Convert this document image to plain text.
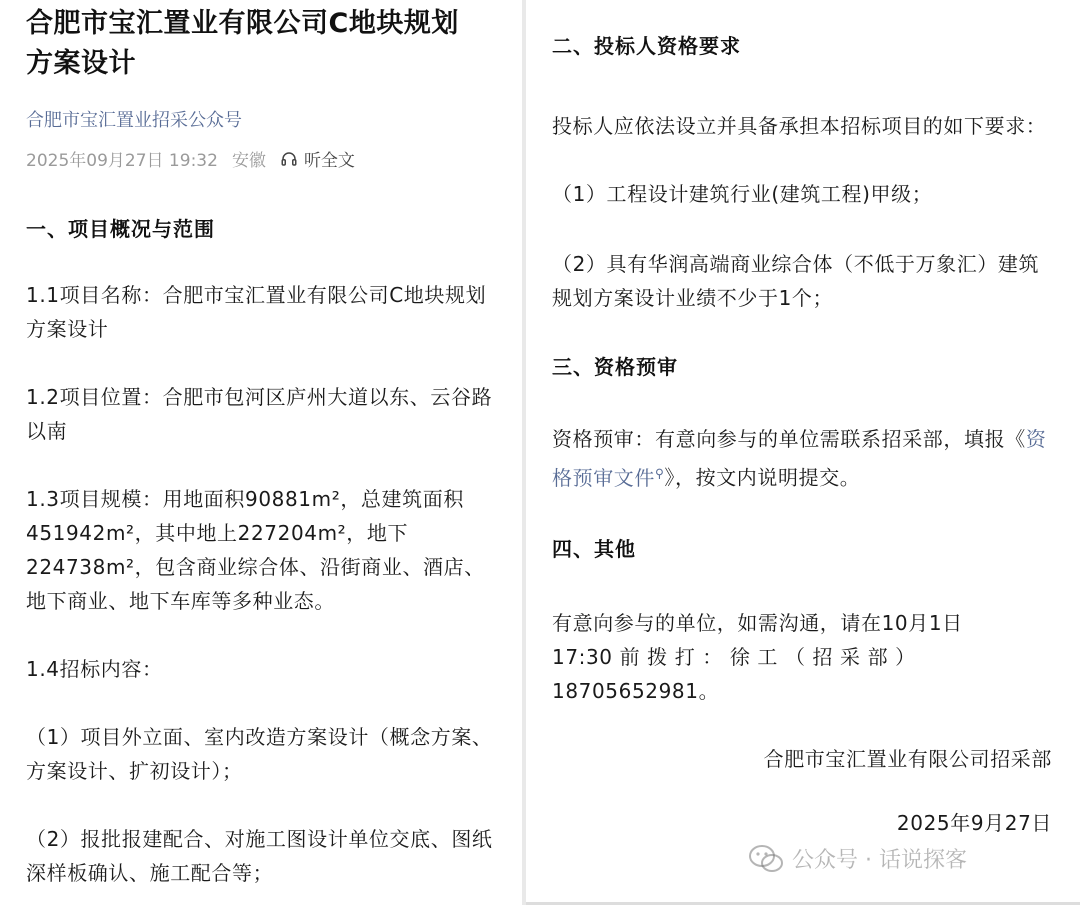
合肥市宝汇置业有限公司C地块规划
方案设计
合肥市宝汇置业招采公众号
2025年09月27日 19:32 安徽 听全文
一、项目概况与范围

1.1项目名称：合肥市宝汇置业有限公司C地块规划方案设计

1.2项目位置：合肥市包河区庐州大道以东、云谷路以南

1.3项目规模：用地面积90881m²，总建筑面积451942m²，其中地上227204m²，地下224738m²，包含商业综合体、沿街商业、酒店、地下商业、地下车库等多种业态。

1.4招标内容：

（1）项目外立面、室内改造方案设计（概念方案、方案设计、扩初设计）；

（2）报批报建配合、对施工图设计单位交底、图纸深样板确认、施工配合等；

二、投标人资格要求

投标人应依法设立并具备承担本招标项目的如下要求：

（1）工程设计建筑行业(建筑工程)甲级；

（2）具有华润高端商业综合体（不低于万象汇）建筑规划方案设计业绩不少于1个；

三、资格预审

资格预审：有意向参与的单位需联系招采部，填报《资格预审文件⚲》，按文内说明提交。

四、其他

有意向参与的单位，如需沟通，请在10月1日
17:30 前 拨 打 ： 徐 工 （ 招 采 部 ）
18705652981。

合肥市宝汇置业有限公司招采部

2025年9月27日

公众号 · 话说探客
